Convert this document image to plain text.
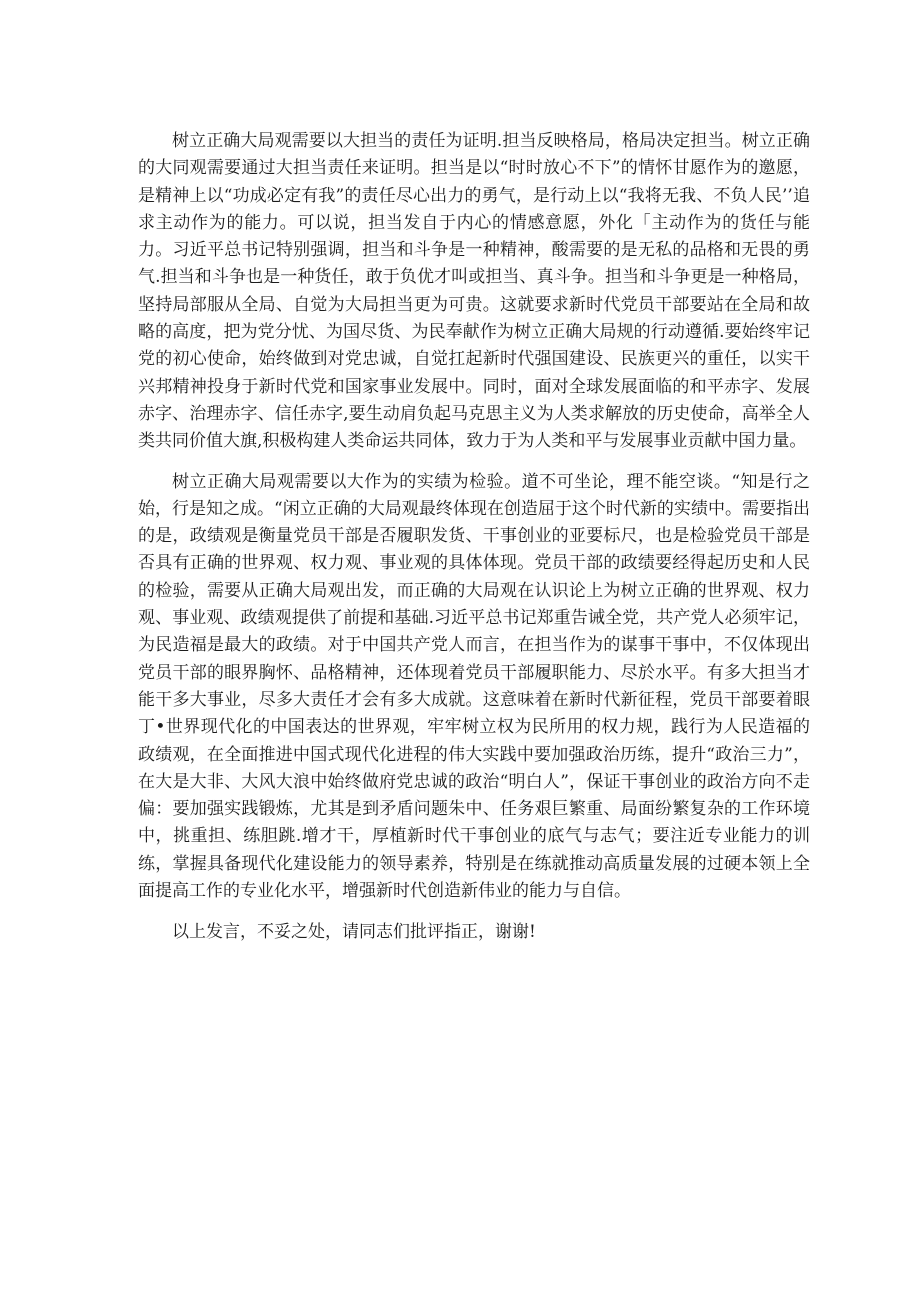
树立正确大局观需要以大担当的责任为证明.担当反映格局，格局决定担当。树立正确的大同观需要通过大担当责任来证明。担当是以“时时放心不下”的情怀甘愿作为的邀愿，是精神上以“功成必定有我”的责任尽心出力的勇气，是行动上以“我将无我、不负人民’’追求主动作为的能力。可以说，担当发自于内心的情感意愿，外化「主动作为的货任与能力。习近平总书记特别强调，担当和斗争是一种精神，酸需要的是无私的品格和无畏的勇气.担当和斗争也是一种货任，敢于负优才叫或担当、真斗争。担当和斗争更是一种格局，坚持局部服从全局、自觉为大局担当更为可贵。这就要求新时代党员干部要站在全局和故略的高度，把为党分忧、为国尽货、为民奉献作为树立正确大局规的行动遵循.要始终牢记党的初心使命，始终做到对党忠诚，自觉扛起新时代强国建设、民族更兴的重任，以实干兴邦精神投身于新时代党和国家事业发展中。同时，面对全球发展面临的和平赤字、发展赤字、治理赤字、信任赤字,要生动肩负起马克思主义为人类求解放的历史使命，高举全人类共同价值大旗,积极构建人类命运共同体，致力于为人类和平与发展事业贡献中国力量。

树立正确大局观需要以大作为的实绩为检验。道不可坐论，理不能空谈。“知是行之始，行是知之成。“闲立正确的大局观最终体现在创造屈于这个时代新的实绩中。需要指出的是，政绩观是衡量党员干部是否履职发货、干事创业的亚要标尺，也是检验党员干部是否具有正确的世界观、权力观、事业观的具体体现。党员干部的政绩要经得起历史和人民的检验，需要从正确大局观出发，而正确的大局观在认识论上为树立正确的世界观、权力观、事业观、政绩观提供了前提和基础.习近平总书记郑重告诫全党，共产党人必须牢记，为民造福是最大的政绩。对于中国共产党人而言，在担当作为的谋事干事中，不仅体现出党员干部的眼界胸怀、品格精神，还体现着党员干部履职能力、尽於水平。有多大担当才能干多大事业，尽多大责任才会有多大成就。这意味着在新时代新征程，党员干部要着眼丁•世界现代化的中国表达的世界观，牢牢树立权为民所用的权力规，践行为人民造福的政绩观，在全面推进中国式现代化进程的伟大实践中要加强政治历练，提升“政治三力”，在大是大非、大风大浪中始终做府党忠诚的政治“明白人”，保证干事创业的政治方向不走偏：要加强实践锻炼，尤其是到矛盾问题朱中、任务艰巨繁重、局面纷繁复杂的工作环境中，挑重担、练胆跳.增才干，厚植新时代干事创业的底气与志气；要注近专业能力的训练，掌握具备现代化建设能力的领导素养，特别是在练就推动高质量发展的过硬本领上全面提高工作的专业化水平，增强新时代创造新伟业的能力与自信。

以上发言，不妥之处，请同志们批评指正，谢谢!
